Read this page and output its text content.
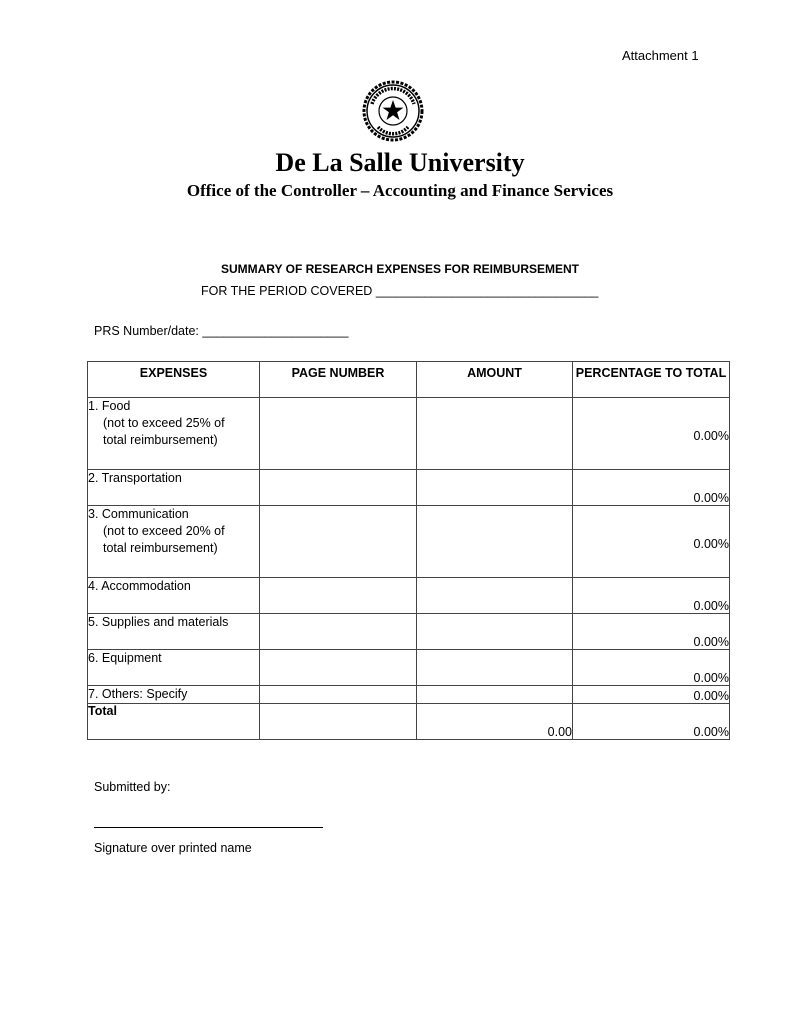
Attachment 1
De La Salle University
Office of the Controller – Accounting and Finance Services
SUMMARY OF RESEARCH EXPENSES FOR REIMBURSEMENT
FOR THE PERIOD COVERED ________________________________
PRS Number/date: _____________________
EXPENSES	PAGE NUMBER	AMOUNT	PERCENTAGE TO TOTAL

1. Food
(not to exceed 25% of
total reimbursement)			0.00%

2. Transportation			0.00%

3. Communication
(not to exceed 20% of
total reimbursement)			0.00%

4. Accommodation			0.00%

5. Supplies and materials			0.00%

6. Equipment			0.00%

7. Others: Specify			0.00%
Total		0.00	0.00%
Submitted by:
Signature over printed name
